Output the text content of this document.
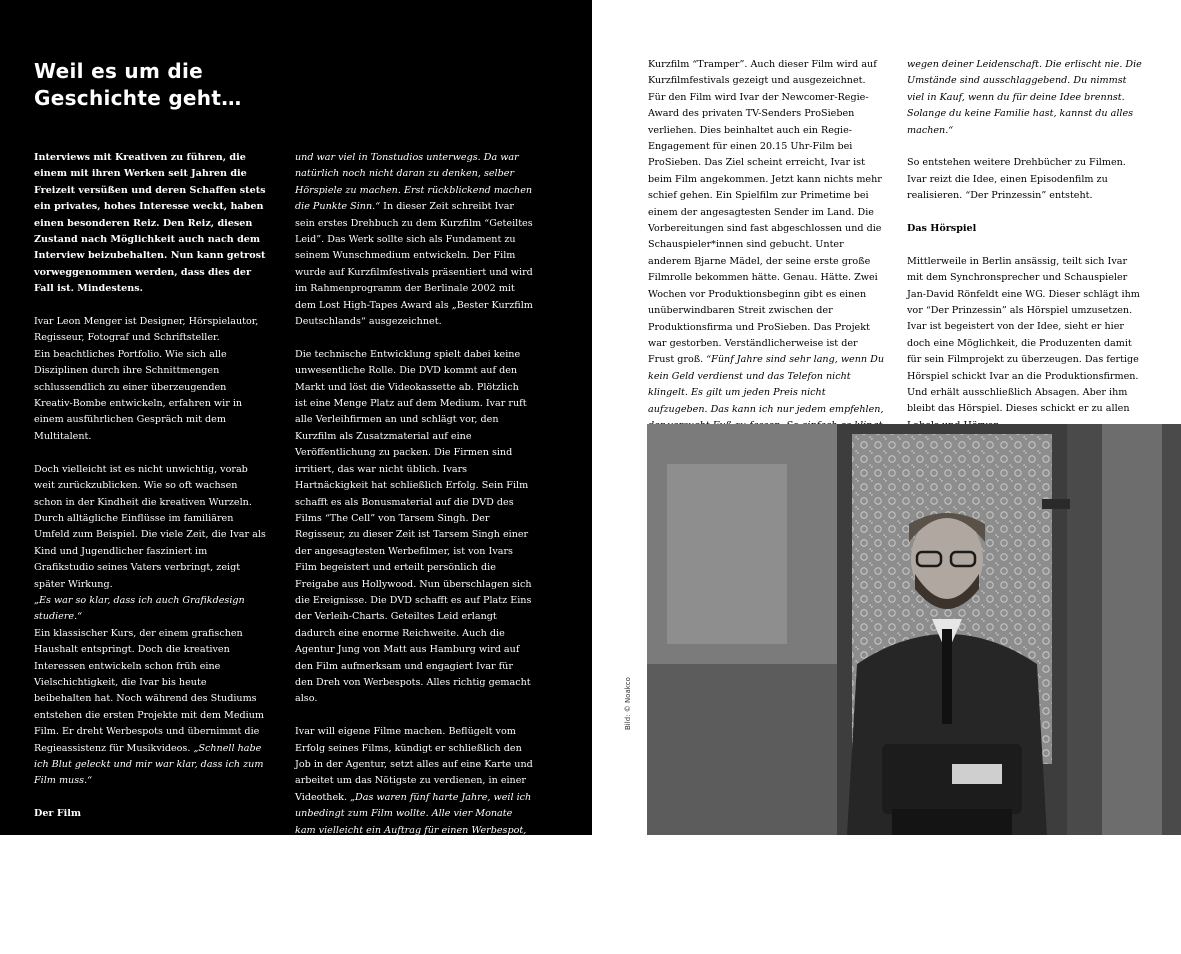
Weil es um die
Geschichte geht…

Interviews mit Kreativen zu führen, die einem mit ihren Werken seit Jahren die Freizeit versüßen und deren Schaffen stets ein privates, hohes Interesse weckt, haben einen besonderen Reiz. Den Reiz, diesen Zustand nach Möglichkeit auch nach dem Interview beizubehalten. Nun kann getrost vorweggenommen werden, dass dies der Fall ist. Mindestens.

Ivar Leon Menger ist Designer, Hörspielautor, Regisseur, Fotograf und Schriftsteller.

Ein beachtliches Portfolio. Wie sich alle Disziplinen durch ihre Schnittmengen schlussendlich zu einer überzeugenden Kreativ-Bombe entwickeln, erfahren wir in einem ausführlichen Gespräch mit dem Multitalent.

Doch vielleicht ist es nicht unwichtig, vorab weit zurückzublicken. Wie so oft wachsen schon in der Kindheit die kreativen Wurzeln. Durch alltägliche Einflüsse im familiären Umfeld zum Beispiel. Die viele Zeit, die Ivar als Kind und Jugendlicher fasziniert im Grafikstudio seines Vaters verbringt, zeigt später Wirkung.

„Es war so klar, dass ich auch Grafikdesign studiere.“

Ein klassischer Kurs, der einem grafischen Haushalt entspringt. Doch die kreativen Interessen entwickeln schon früh eine Vielschichtigkeit, die Ivar bis heute beibehalten hat. Noch während des Studiums entstehen die ersten Projekte mit dem Medium Film. Er dreht Werbespots und übernimmt die Regieassistenz für Musikvideos. „Schnell habe ich Blut geleckt und mir war klar, dass ich zum Film muss.“

Der Film

„Bild hatte ich ja nun gelernt, aber schreiben konnte ich meines Erachtens noch nicht. Um dies zu ändern, bekam ich die Möglichkeit, in einer Frankfurter Agentur als Werbetexter zu arbeiten. Ich habe gelernt Dialoge zu schreiben

und war viel in Tonstudios unterwegs. Da war natürlich noch nicht daran zu denken, selber Hörspiele zu machen. Erst rückblickend machen die Punkte Sinn.“ In dieser Zeit schreibt Ivar sein erstes Drehbuch zu dem Kurzfilm “Geteiltes Leid”. Das Werk sollte sich als Fundament zu seinem Wunschmedium entwickeln. Der Film wurde auf Kurzfilmfestivals präsentiert und wird im Rahmenprogramm der Berlinale 2002 mit dem Lost High-Tapes Award als „Bester Kurzfilm Deutschlands“ ausgezeichnet.

Die technische Entwicklung spielt dabei keine unwesentliche Rolle. Die DVD kommt auf den Markt und löst die Videokassette ab. Plötzlich ist eine Menge Platz auf dem Medium. Ivar ruft alle Verleihfirmen an und schlägt vor, den Kurzfilm als Zusatzmaterial auf eine Veröffentlichung zu packen. Die Firmen sind irritiert, das war nicht üblich. Ivars Hartnäckigkeit hat schließlich Erfolg. Sein Film schafft es als Bonusmaterial auf die DVD des Films “The Cell” von Tarsem Singh. Der Regisseur, zu dieser Zeit ist Tarsem Singh einer der angesagtesten Werbefilmer, ist von Ivars Film begeistert und erteilt persönlich die Freigabe aus Hollywood. Nun überschlagen sich die Ereignisse. Die DVD schafft es auf Platz Eins der Verleih-Charts. Geteiltes Leid erlangt dadurch eine enorme Reichweite. Auch die Agentur Jung von Matt aus Hamburg wird auf den Film aufmerksam und engagiert Ivar für den Dreh von Werbespots. Alles richtig gemacht also.

Ivar will eigene Filme machen. Beflügelt vom Erfolg seines Films, kündigt er schließlich den Job in der Agentur, setzt alles auf eine Karte und arbeitet um das Nötigste zu verdienen, in einer Videothek. „Das waren fünf harte Jahre, weil ich unbedingt zum Film wollte. Alle vier Monate kam vielleicht ein Auftrag für einen Werbespot, der mich vielleicht zwei Monate über Wasser gehalten hat.“ Währenddessen entsteht sein

Kurzfilm “Tramper”. Auch dieser Film wird auf Kurzfilmfestivals gezeigt und ausgezeichnet. Für den Film wird Ivar der Newcomer-Regie-Award des privaten TV-Senders ProSieben verliehen. Dies beinhaltet auch ein Regie-Engagement für einen 20.15 Uhr-Film bei ProSieben. Das Ziel scheint erreicht, Ivar ist beim Film angekommen. Jetzt kann nichts mehr schief gehen. Ein Spielfilm zur Primetime bei einem der angesagtesten Sender im Land. Die Vorbereitungen sind fast abgeschlossen und die Schauspieler*innen sind gebucht. Unter anderem Bjarne Mädel, der seine erste große Filmrolle bekommen hätte. Genau. Hätte. Zwei Wochen vor Produktionsbeginn gibt es einen unüberwindbaren Streit zwischen der Produktionsfirma und ProSieben. Das Projekt war gestorben. Verständlicherweise ist der Frust groß. “Fünf Jahre sind sehr lang, wenn Du kein Geld verdienst und das Telefon nicht klingelt. Es gilt um jeden Preis nicht aufzugeben. Das kann ich nur jedem empfehlen,

wegen deiner Leidenschaft. Die erlischt nie. Die Umstände sind ausschlaggebend. Du nimmst viel in Kauf, wenn du für deine Idee brennst. Solange du keine Familie hast, kannst du alles machen.“

So entstehen weitere Drehbücher zu Filmen. Ivar reizt die Idee, einen Episodenfilm zu realisieren. “Der Prinzessin” entsteht.

Das Hörspiel

Mittlerweile in Berlin ansässig, teilt sich Ivar mit dem Synchronsprecher und Schauspieler Jan-David Rönfeldt eine WG. Dieser schlägt ihm vor “Der Prinzessin” als Hörspiel umzusetzen. Ivar ist begeistert von der Idee, sieht er hier doch eine Möglichkeit, die Produzenten damit für sein Filmprojekt zu überzeugen. Das fertige Hörspiel schickt Ivar an die Produktionsfirmen. Und erhält ausschließlich Absagen. Aber ihm bleibt das Hörspiel. Dieses schickt er zu allen

Bild: © Noakco
